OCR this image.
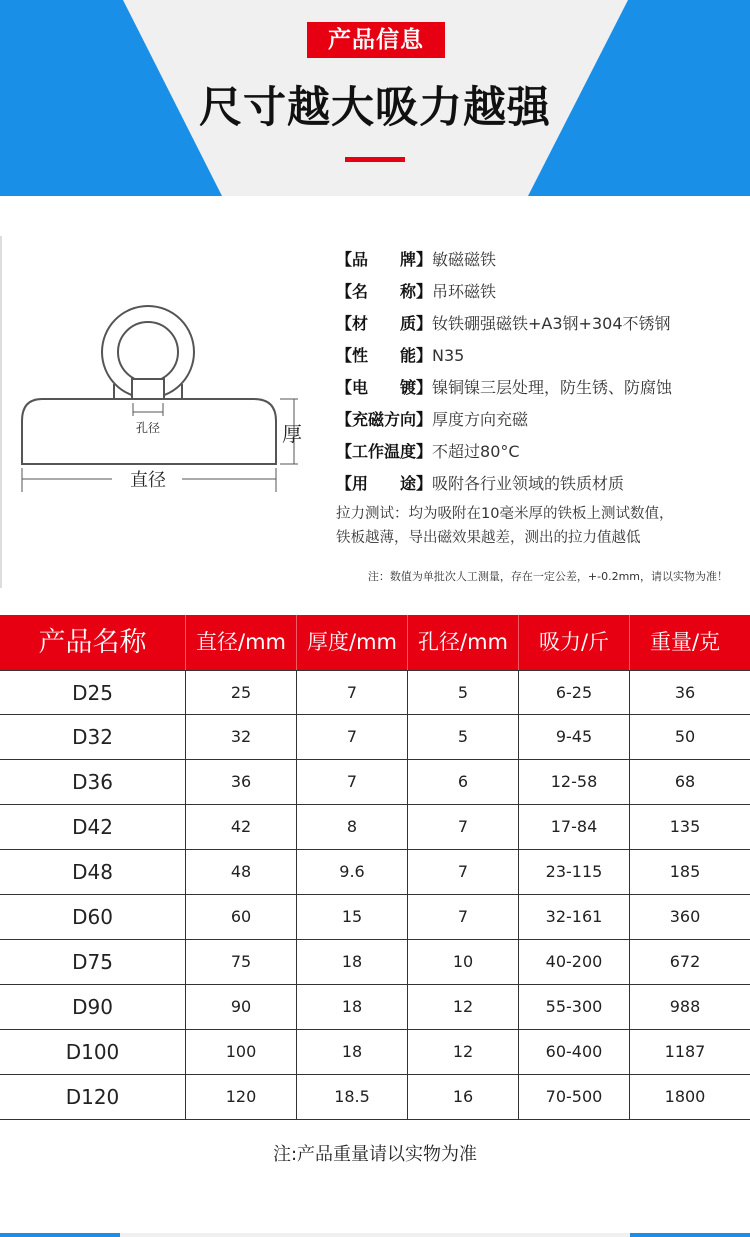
产品信息
尺寸越大吸力越强
孔径	厚
直径
【品　　牌】敏磁磁铁
【名　　称】吊环磁铁
【材　　质】钕铁硼强磁铁+A3钢+304不锈钢
【性　　能】N35
【电　　镀】镍铜镍三层处理，防生锈、防腐蚀
【充磁方向】厚度方向充磁
【工作温度】不超过80°C
【用　　途】吸附各行业领域的铁质材质
拉力测试：均为吸附在10毫米厚的铁板上测试数值，
铁板越薄，导出磁效果越差，测出的拉力值越低
注：数值为单批次人工测量，存在一定公差，+-0.2mm，请以实物为准！
产品名称	直径/mm	厚度/mm	孔径/mm	吸力/斤	重量/克
D25	25	7	5	6-25	36
D32	32	7	5	9-45	50
D36	36	7	6	12-58	68
D42	42	8	7	17-84	135
D48	48	9.6	7	23-115	185
D60	60	15	7	32-161	360
D75	75	18	10	40-200	672
D90	90	18	12	55-300	988
D100	100	18	12	60-400	1187
D120	120	18.5	16	70-500	1800
注:产品重量请以实物为准
